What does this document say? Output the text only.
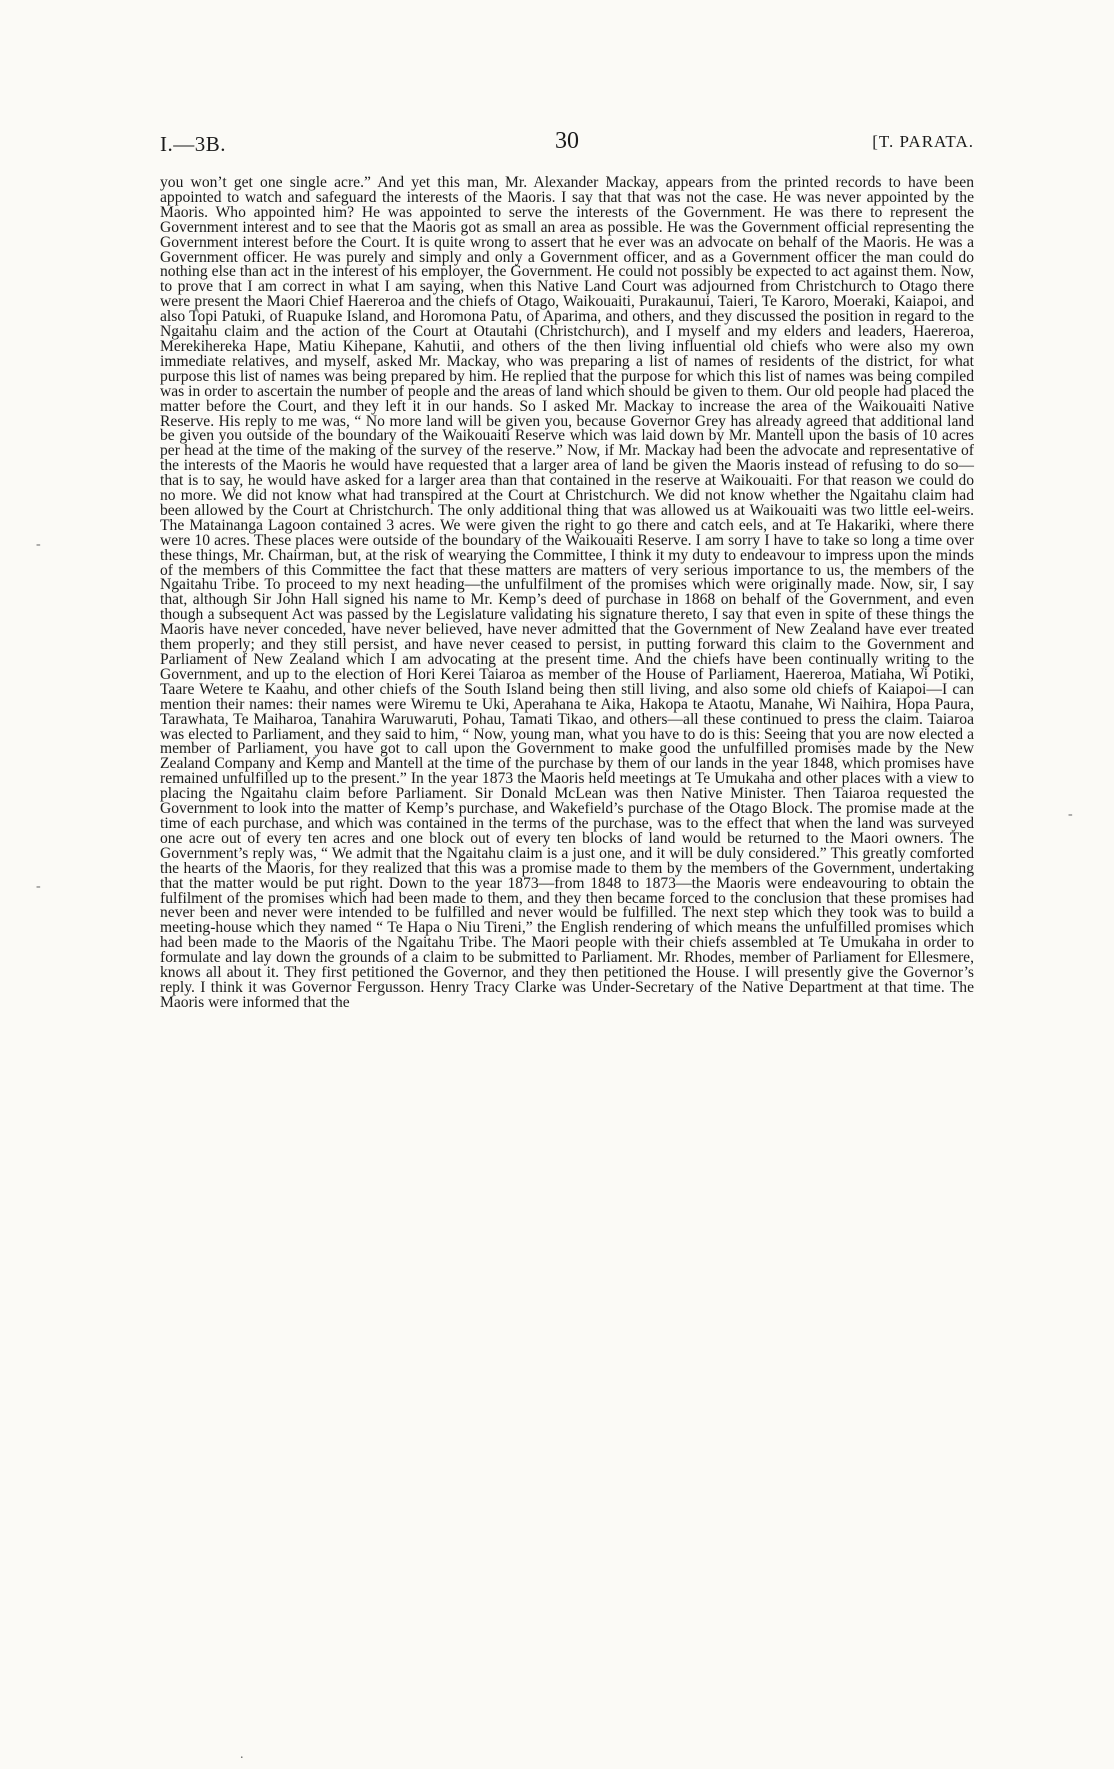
I.—3B.	30	[T. PARATA.

you won’t get one single acre.” And yet this man, Mr. Alexander Mackay, appears from the printed records to have been appointed to watch and safeguard the interests of the Maoris. I say that that was not the case. He was never appointed by the Maoris. Who appointed him? He was appointed to serve the interests of the Government. He was there to represent the Government interest and to see that the Maoris got as small an area as possible. He was the Government official representing the Government interest before the Court. It is quite wrong to assert that he ever was an advocate on behalf of the Maoris. He was a Government officer. He was purely and simply and only a Government officer, and as a Government officer the man could do nothing else than act in the interest of his employer, the Government. He could not possibly be expected to act against them. Now, to prove that I am correct in what I am saying, when this Native Land Court was adjourned from Christchurch to Otago there were present the Maori Chief Haereroa and the chiefs of Otago, Waikouaiti, Purakaunui, Taieri, Te Karoro, Moeraki, Kaiapoi, and also Topi Patuki, of Ruapuke Island, and Horomona Patu, of Aparima, and others, and they discussed the position in regard to the Ngaitahu claim and the action of the Court at Otautahi (Christchurch), and I myself and my elders and leaders, Haereroa, Merekihereka Hape, Matiu Kihepane, Kahutii, and others of the then living influential old chiefs who were also my own immediate relatives, and myself, asked Mr. Mackay, who was preparing a list of names of residents of the district, for what purpose this list of names was being prepared by him. He replied that the purpose for which this list of names was being compiled was in order to ascertain the number of people and the areas of land which should be given to them. Our old people had placed the matter before the Court, and they left it in our hands. So I asked Mr. Mackay to increase the area of the Waikouaiti Native Reserve. His reply to me was, “ No more land will be given you, because Governor Grey has already agreed that additional land be given you outside of the boundary of the Waikouaiti Reserve which was laid down by Mr. Mantell upon the basis of 10 acres per head at the time of the making of the survey of the reserve.” Now, if Mr. Mackay had been the advocate and representative of the interests of the Maoris he would have requested that a larger area of land be given the Maoris instead of refusing to do so—that is to say, he would have asked for a larger area than that contained in the reserve at Waikouaiti. For that reason we could do no more. We did not know what had transpired at the Court at Christchurch. We did not know whether the Ngaitahu claim had been allowed by the Court at Christchurch. The only additional thing that was allowed us at Waikouaiti was two little eel-weirs. The Matainanga Lagoon contained 3 acres. We were given the right to go there and catch eels, and at Te Hakariki, where there were 10 acres. These places were outside of the boundary of the Waikouaiti Reserve. I am sorry I have to take so long a time over these things, Mr. Chairman, but, at the risk of wearying the Committee, I think it my duty to endeavour to impress upon the minds of the members of this Committee the fact that these matters are matters of very serious importance to us, the members of the Ngaitahu Tribe. To proceed to my next heading—the unfulfilment of the promises which were originally made. Now, sir, I say that, although Sir John Hall signed his name to Mr. Kemp’s deed of purchase in 1868 on behalf of the Government, and even though a subsequent Act was passed by the Legislature validating his signature thereto, I say that even in spite of these things the Maoris have never conceded, have never believed, have never admitted that the Government of New Zealand have ever treated them properly; and they still persist, and have never ceased to persist, in putting forward this claim to the Government and Parliament of New Zealand which I am advocating at the present time. And the chiefs have been continually writing to the Government, and up to the election of Hori Kerei Taiaroa as member of the House of Parliament, Haereroa, Matiaha, Wi Potiki, Taare Wetere te Kaahu, and other chiefs of the South Island being then still living, and also some old chiefs of Kaiapoi—I can mention their names: their names were Wiremu te Uki, Aperahana te Aika, Hakopa te Ataotu, Manahe, Wi Naihira, Hopa Paura, Tarawhata, Te Maiharoa, Tanahira Waruwaruti, Pohau, Tamati Tikao, and others—all these continued to press the claim. Taiaroa was elected to Parliament, and they said to him, “ Now, young man, what you have to do is this: Seeing that you are now elected a member of Parliament, you have got to call upon the Government to make good the unfulfilled promises made by the New Zealand Company and Kemp and Mantell at the time of the purchase by them of our lands in the year 1848, which promises have remained unfulfilled up to the present.” In the year 1873 the Maoris held meetings at Te Umukaha and other places with a view to placing the Ngaitahu claim before Parliament. Sir Donald McLean was then Native Minister. Then Taiaroa requested the Government to look into the matter of Kemp’s purchase, and Wakefield’s purchase of the Otago Block. The promise made at the time of each purchase, and which was contained in the terms of the purchase, was to the effect that when the land was surveyed one acre out of every ten acres and one block out of every ten blocks of land would be returned to the Maori owners. The Government’s reply was, “ We admit that the Ngaitahu claim is a just one, and it will be duly considered.” This greatly comforted the hearts of the Maoris, for they realized that this was a promise made to them by the members of the Government, undertaking that the matter would be put right. Down to the year 1873—from 1848 to 1873—the Maoris were endeavouring to obtain the fulfilment of the promises which had been made to them, and they then became forced to the conclusion that these promises had never been and never were intended to be fulfilled and never would be fulfilled. The next step which they took was to build a meeting-house which they named “ Te Hapa o Niu Tireni,” the English rendering of which means the unfulfilled promises which had been made to the Maoris of the Ngaitahu Tribe. The Maori people with their chiefs assembled at Te Umukaha in order to formulate and lay down the grounds of a claim to be submitted to Parliament. Mr. Rhodes, member of Parliament for Ellesmere, knows all about it. They first petitioned the Governor, and they then petitioned the House. I will presently give the Governor’s reply. I think it was Governor Fergusson. Henry Tracy Clarke was Under-Secretary of the Native Department at that time. The Maoris were informed that the

-
-
-
.
